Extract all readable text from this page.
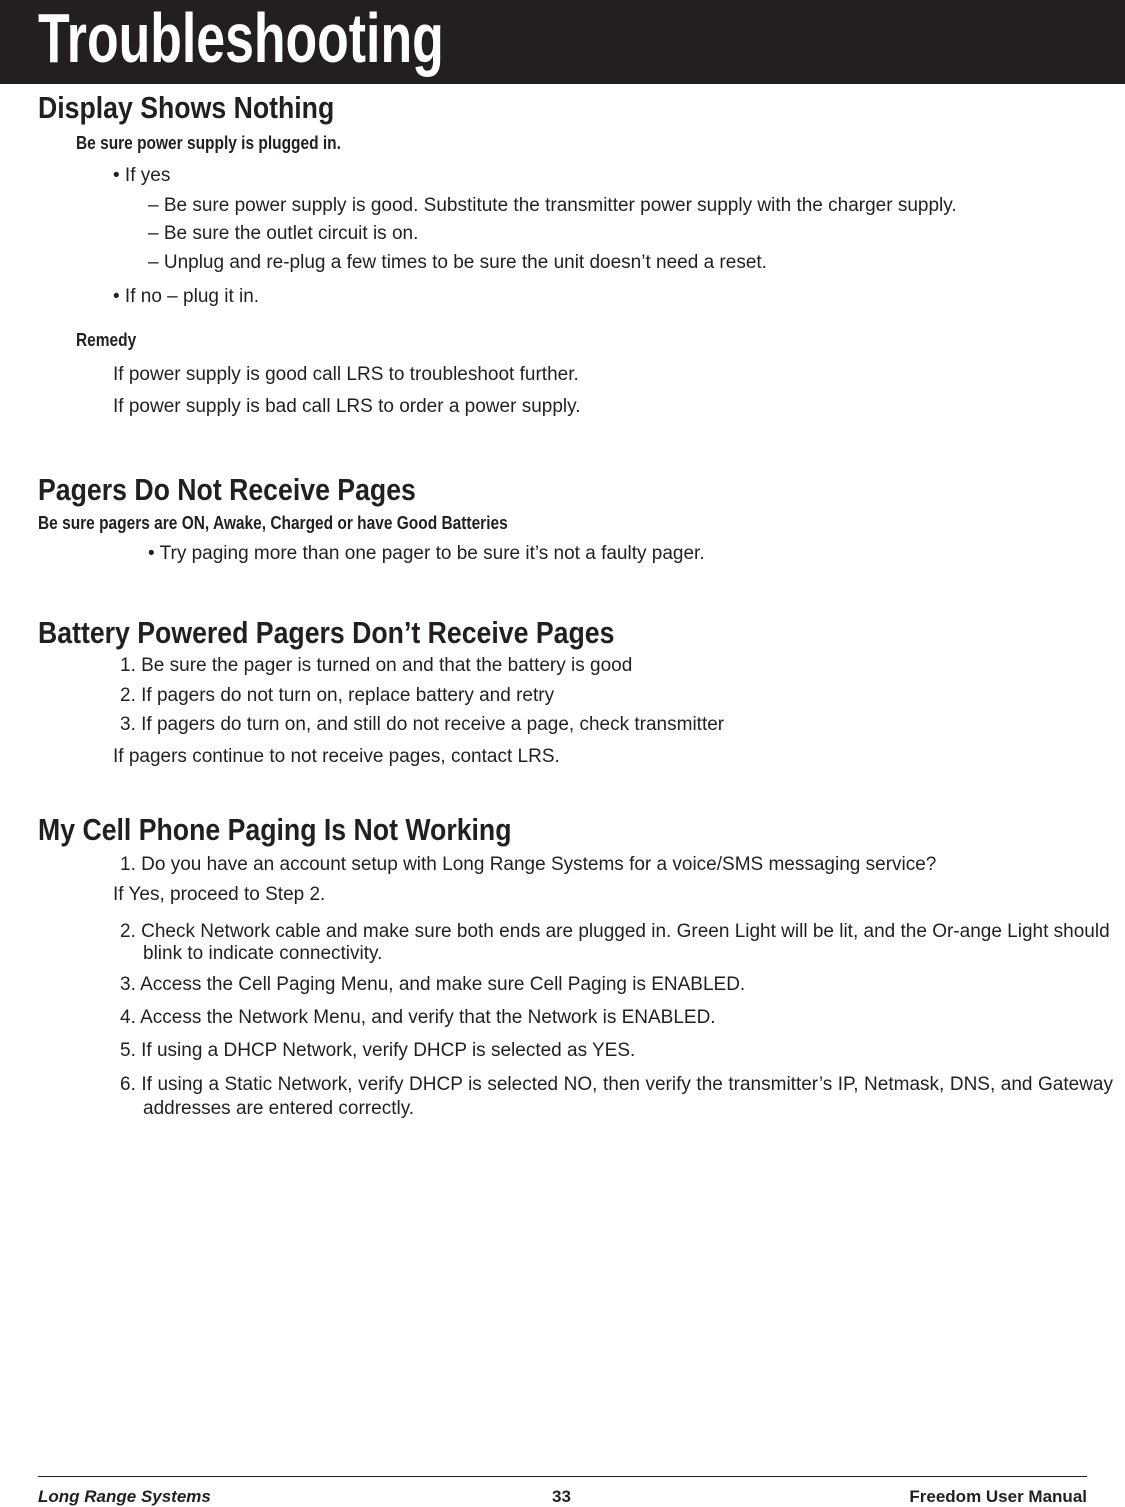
Troubleshooting
Display Shows Nothing
Be sure power supply is plugged in.
• If yes
– Be sure power supply is good. Substitute the transmitter power supply with the charger supply.
– Be sure the outlet circuit is on.
– Unplug and re-plug a few times to be sure the unit doesn’t need a reset.
• If no – plug it in.
Remedy
If power supply is good call LRS to troubleshoot further.
If power supply is bad call LRS to order a power supply.
Pagers Do Not Receive Pages
Be sure pagers are ON, Awake, Charged or have Good Batteries
• Try paging more than one pager to be sure it’s not a faulty pager.
Battery Powered Pagers Don’t Receive Pages
1. Be sure the pager is turned on and that the battery is good
2. If pagers do not turn on, replace battery and retry
3. If pagers do turn on, and still do not receive a page, check transmitter
If pagers continue to not receive pages, contact LRS.
My Cell Phone Paging Is Not Working
1. Do you have an account setup with Long Range Systems for a voice/SMS messaging service?
If Yes, proceed to Step 2.
2. Check Network cable and make sure both ends are plugged in. Green Light will be lit, and the Or-ange Light should blink to indicate connectivity.
3. Access the Cell Paging Menu, and make sure Cell Paging is ENABLED.
4. Access the Network Menu, and verify that the Network is ENABLED.
5. If using a DHCP Network, verify DHCP is selected as YES.
6. If using a Static Network, verify DHCP is selected NO, then verify the transmitter’s IP, Netmask, DNS, and Gateway addresses are entered correctly.
Long Range Systems	33	Freedom User Manual
